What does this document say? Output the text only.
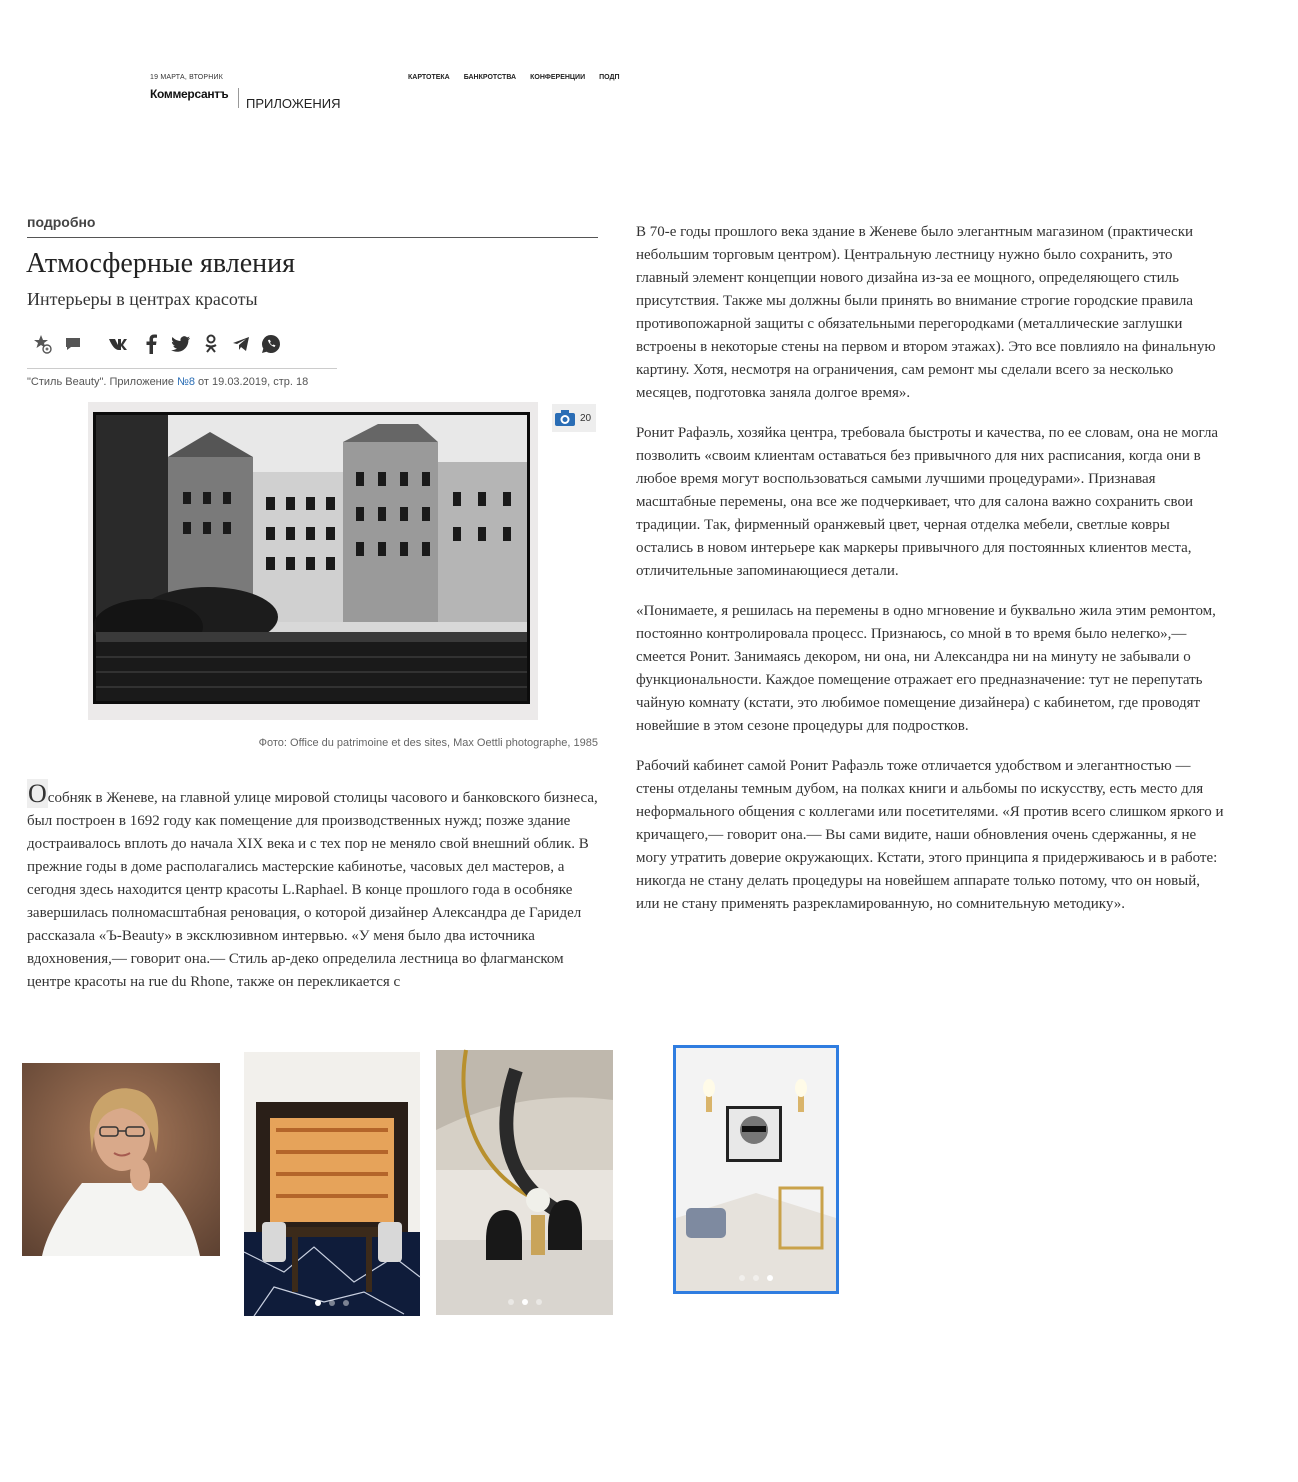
19 МАРТА, ВТОРНИК
Коммерсантъ
ПРИЛОЖЕНИЯ
КАРТОТЕКА БАНКРОТСТВА КОНФЕРЕНЦИИ ПОДП
подробно
Атмосферные явления
Интерьеры в центрах красоты
"Стиль Beauty". Приложение №8 от 19.03.2019, стр. 18
20
Фото: Office du patrimoine et des sites, Max Oettli photographe, 1985
Особняк в Женеве, на главной улице мировой столицы часового и банковского бизнеса, был построен в 1692 году как помещение для производственных нужд; позже здание достраивалось вплоть до начала XIX века и с тех пор не меняло свой внешний облик. В прежние годы в доме располагались мастерские кабинотье, часовых дел мастеров, а сегодня здесь находится центр красоты L.Raphael. В конце прошлого года в особняке завершилась полномасштабная реновация, о которой дизайнер Александра де Гаридел рассказала «Ъ-Beauty» в эксклюзивном интервью. «У меня было два источника вдохновения,— говорит она.— Стиль ар-деко определила лестница во флагманском центре красоты на rue du Rhone, также он перекликается с

В 70-е годы прошлого века здание в Женеве было элегантным магазином (практически небольшим торговым центром). Центральную лестницу нужно было сохранить, это главный элемент концепции нового дизайна из-за ее мощного, определяющего стиль присутствия. Также мы должны были принять во внимание строгие городские правила противопожарной защиты с обязательными перегородками (металлические заглушки встроены в некоторые стены на первом и втором этажах). Это все повлияло на финальную картину. Хотя, несмотря на ограничения, сам ремонт мы сделали всего за несколько месяцев, подготовка заняла долгое время».

Ронит Рафаэль, хозяйка центра, требовала быстроты и качества, по ее словам, она не могла позволить «своим клиентам оставаться без привычного для них расписания, когда они в любое время могут воспользоваться самыми лучшими процедурами». Признавая масштабные перемены, она все же подчеркивает, что для салона важно сохранить свои традиции. Так, фирменный оранжевый цвет, черная отделка мебели, светлые ковры остались в новом интерьере как маркеры привычного для постоянных клиентов места, отличительные запоминающиеся детали.

«Понимаете, я решилась на перемены в одно мгновение и буквально жила этим ремонтом, постоянно контролировала процесс. Признаюсь, со мной в то время было нелегко»,— смеется Ронит. Занимаясь декором, ни она, ни Александра ни на минуту не забывали о функциональности. Каждое помещение отражает его предназначение: тут не перепутать чайную комнату (кстати, это любимое помещение дизайнера) с кабинетом, где проводят новейшие в этом сезоне процедуры для подростков.

Рабочий кабинет самой Ронит Рафаэль тоже отличается удобством и элегантностью — стены отделаны темным дубом, на полках книги и альбомы по искусству, есть место для неформального общения с коллегами или посетителями. «Я против всего слишком яркого и кричащего,— говорит она.— Вы сами видите, наши обновления очень сдержанны, я не могу утратить доверие окружающих. Кстати, этого принципа я придерживаюсь и в работе: никогда не стану делать процедуры на новейшем аппарате только потому, что он новый, или не стану применять разрекламированную, но сомнительную методику».
